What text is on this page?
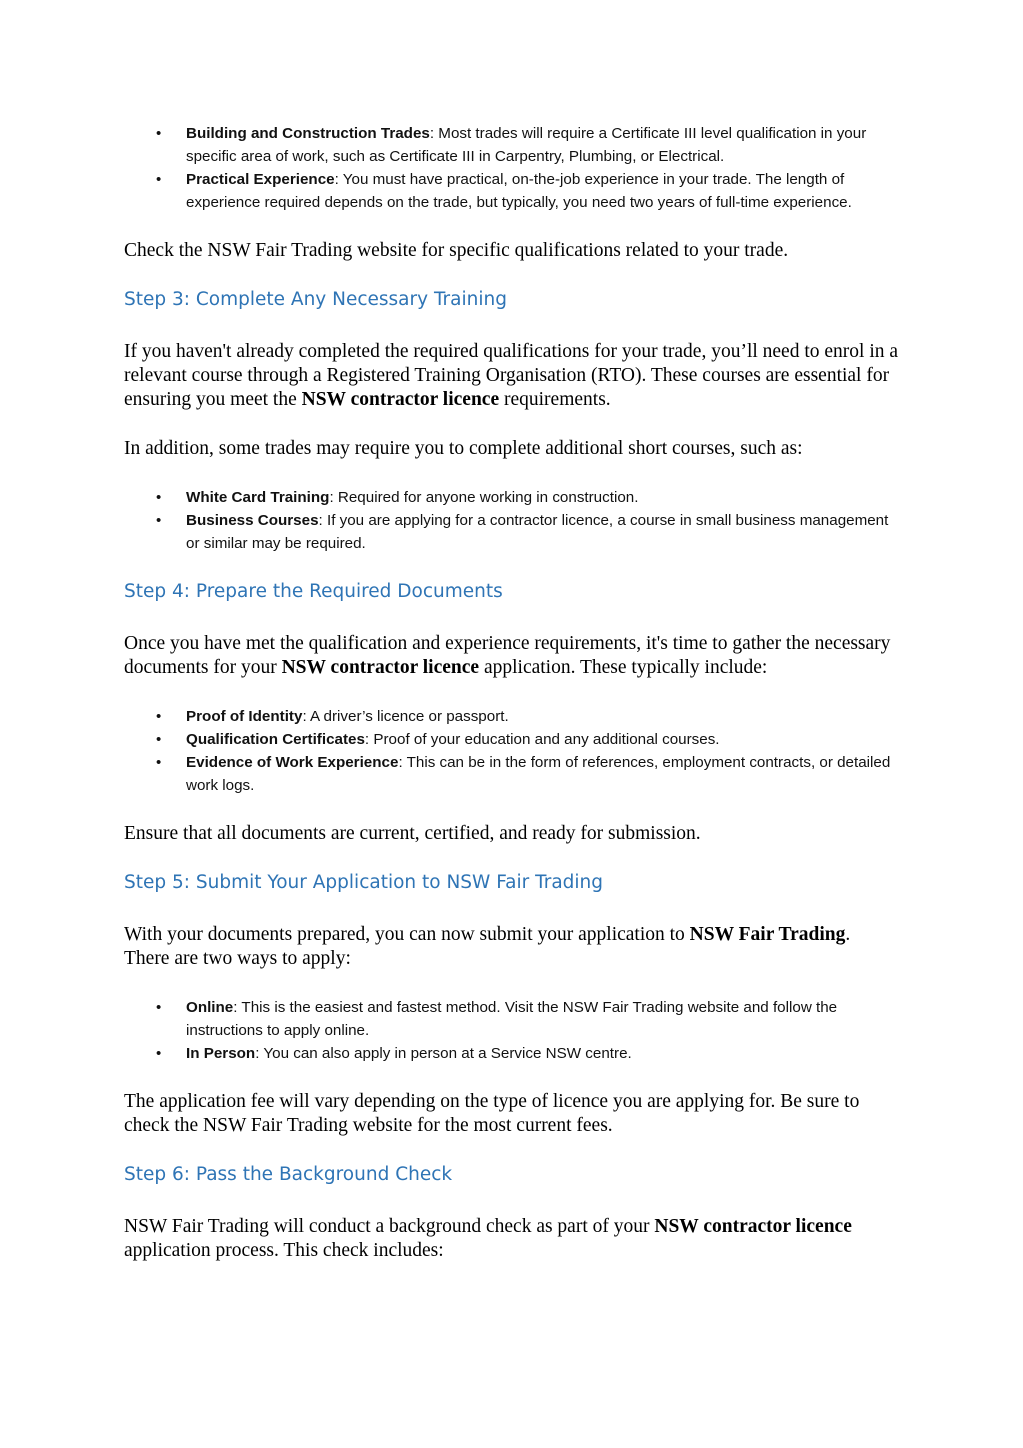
• Building and Construction Trades: Most trades will require a Certificate III level qualification in your specific area of work, such as Certificate III in Carpentry, Plumbing, or Electrical.
• Practical Experience: You must have practical, on-the-job experience in your trade. The length of experience required depends on the trade, but typically, you need two years of full-time experience.

Check the NSW Fair Trading website for specific qualifications related to your trade.

Step 3: Complete Any Necessary Training

If you haven't already completed the required qualifications for your trade, you’ll need to enrol in a relevant course through a Registered Training Organisation (RTO). These courses are essential for ensuring you meet the NSW contractor licence requirements.

In addition, some trades may require you to complete additional short courses, such as:

• White Card Training: Required for anyone working in construction.
• Business Courses: If you are applying for a contractor licence, a course in small business management or similar may be required.
Step 4: Prepare the Required Documents

Once you have met the qualification and experience requirements, it's time to gather the necessary documents for your NSW contractor licence application. These typically include:

• Proof of Identity: A driver’s licence or passport.
• Qualification Certificates: Proof of your education and any additional courses.
• Evidence of Work Experience: This can be in the form of references, employment contracts, or detailed work logs.

Ensure that all documents are current, certified, and ready for submission.

Step 5: Submit Your Application to NSW Fair Trading

With your documents prepared, you can now submit your application to NSW Fair Trading. There are two ways to apply:

• Online: This is the easiest and fastest method. Visit the NSW Fair Trading website and follow the instructions to apply online.
• In Person: You can also apply in person at a Service NSW centre.

The application fee will vary depending on the type of licence you are applying for. Be sure to check the NSW Fair Trading website for the most current fees.

Step 6: Pass the Background Check

NSW Fair Trading will conduct a background check as part of your NSW contractor licence application process. This check includes:
